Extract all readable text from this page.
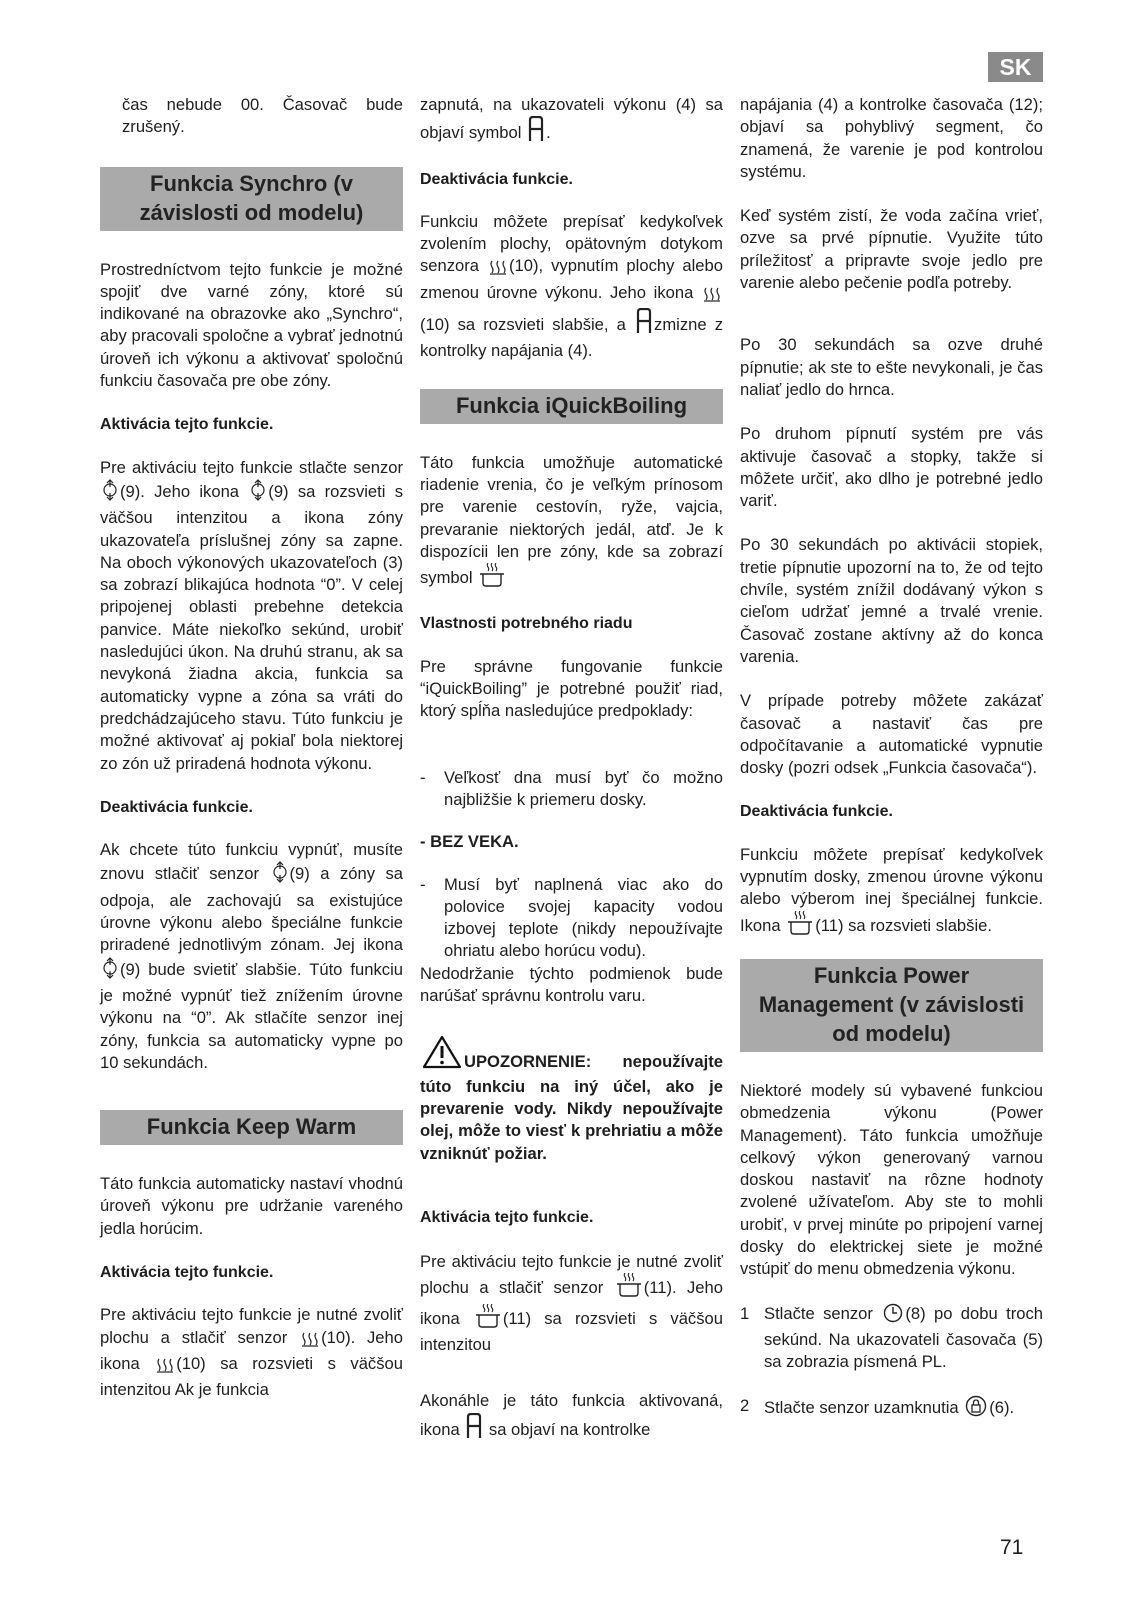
SK

čas nebude 00. Časovač bude zrušený.

Funkcia Synchro (v závislosti od modelu)

Prostredníctvom tejto funkcie je možné spojiť dve varné zóny, ktoré sú indikované na obrazovke ako „Synchro“, aby pracovali spoločne a vybrať jednotnú úroveň ich výkonu a aktivovať spoločnú funkciu časovača pre obe zóny.

Aktivácia tejto funkcie.

Pre aktiváciu tejto funkcie stlačte senzor (9). Jeho ikona (9) sa rozsvieti s väčšou intenzitou a ikona zóny ukazovateľa príslušnej zóny sa zapne. Na oboch výkonových ukazovateľoch (3) sa zobrazí blikajúca hodnota “0”. V celej pripojenej oblasti prebehne detekcia panvice. Máte niekoľko sekúnd, urobiť nasledujúci úkon. Na druhú stranu, ak sa nevykoná žiadna akcia, funkcia sa automaticky vypne a zóna sa vráti do predchádzajúceho stavu. Túto funkciu je možné aktivovať aj pokiaľ bola niektorej zo zón už priradená hodnota výkonu.

Deaktivácia funkcie.

Ak chcete túto funkciu vypnúť, musíte znovu stlačiť senzor (9) a zóny sa odpoja, ale zachovajú sa existujúce úrovne výkonu alebo špeciálne funkcie priradené jednotlivým zónam. Jej ikona (9) bude svietiť slabšie. Túto funkciu je možné vypnúť tiež znížením úrovne výkonu na “0”. Ak stlačíte senzor inej zóny, funkcia sa automaticky vypne po 10 sekundách.

Funkcia Keep Warm

Táto funkcia automaticky nastaví vhodnú úroveň výkonu pre udržanie vareného jedla horúcim.

Aktivácia tejto funkcie.

Pre aktiváciu tejto funkcie je nutné zvoliť plochu a stlačiť senzor (10). Jeho ikona (10) sa rozsvieti s väčšou intenzitou Ak je funkcia

zapnutá, na ukazovateli výkonu (4) sa objaví symbol .

Deaktivácia funkcie.

Funkciu môžete prepísať kedykoľvek zvolením plochy, opätovným dotykom senzora (10), vypnutím plochy alebo zmenou úrovne výkonu. Jeho ikona (10) sa rozsvieti slabšie, a zmizne z kontrolky napájania (4).

Funkcia iQuickBoiling

Táto funkcia umožňuje automatické riadenie vrenia, čo je veľkým prínosom pre varenie cestovín, ryže, vajcia, prevaranie niektorých jedál, atď. Je k dispozícii len pre zóny, kde sa zobrazí symbol

Vlastnosti potrebného riadu

Pre správne fungovanie funkcie “iQuickBoiling” je potrebné použiť riad, ktorý spĺňa nasledujúce predpoklady:

- Veľkosť dna musí byť čo možno najbližšie k priemeru dosky.

- BEZ VEKA.

- Musí byť naplnená viac ako do polovice svojej kapacity vodou izbovej teplote (nikdy nepoužívajte ohriatu alebo horúcu vodu).

Nedodržanie týchto podmienok bude narúšať správnu kontrolu varu.

UPOZORNENIE: nepoužívajte túto funkciu na iný účel, ako je prevarenie vody. Nikdy nepoužívajte olej, môže to viesť k prehriatiu a môže vzniknúť požiar.

Aktivácia tejto funkcie.

Pre aktiváciu tejto funkcie je nutné zvoliť plochu a stlačiť senzor (11). Jeho ikona	(11) sa rozsvieti s väčšou intenzitou

Akonáhle je táto funkcia aktivovaná, ikona sa objaví na kontrolke

napájania (4) a kontrolke časovača (12); objaví sa pohyblivý segment, čo znamená, že varenie je pod kontrolou systému.

Keď systém zistí, že voda začína vrieť, ozve sa prvé pípnutie. Využite túto príležitosť a pripravte svoje jedlo pre varenie alebo pečenie podľa potreby.

Po 30 sekundách sa ozve druhé pípnutie; ak ste to ešte nevykonali, je čas naliať jedlo do hrnca.

Po druhom pípnutí systém pre vás aktivuje časovač a stopky, takže si môžete určiť, ako dlho je potrebné jedlo variť.

Po 30 sekundách po aktivácii stopiek, tretie pípnutie upozorní na to, že od tejto chvíle, systém znížil dodávaný výkon s cieľom udržať jemné a trvalé vrenie. Časovač zostane aktívny až do konca varenia.

V prípade potreby môžete zakázať časovač a nastaviť čas pre odpočítavanie a automatické vypnutie dosky (pozri odsek „Funkcia časovača“).

Deaktivácia funkcie.

Funkciu môžete prepísať kedykoľvek vypnutím dosky, zmenou úrovne výkonu alebo výberom inej špeciálnej funkcie. Ikona (11) sa rozsvieti slabšie.

Funkcia Power Management (v závislosti od modelu)

Niektoré modely sú vybavené funkciou obmedzenia výkonu (Power Management). Táto funkcia umožňuje celkový výkon generovaný varnou doskou nastaviť na rôzne hodnoty zvolené užívateľom. Aby ste to mohli urobiť, v prvej minúte po pripojení varnej dosky do elektrickej siete je možné vstúpiť do menu obmedzenia výkonu.

1 Stlačte senzor (8) po dobu troch sekúnd. Na ukazovateli časovača (5) sa zobrazia písmená PL.
2 Stlačte senzor uzamknutia (6).
71
